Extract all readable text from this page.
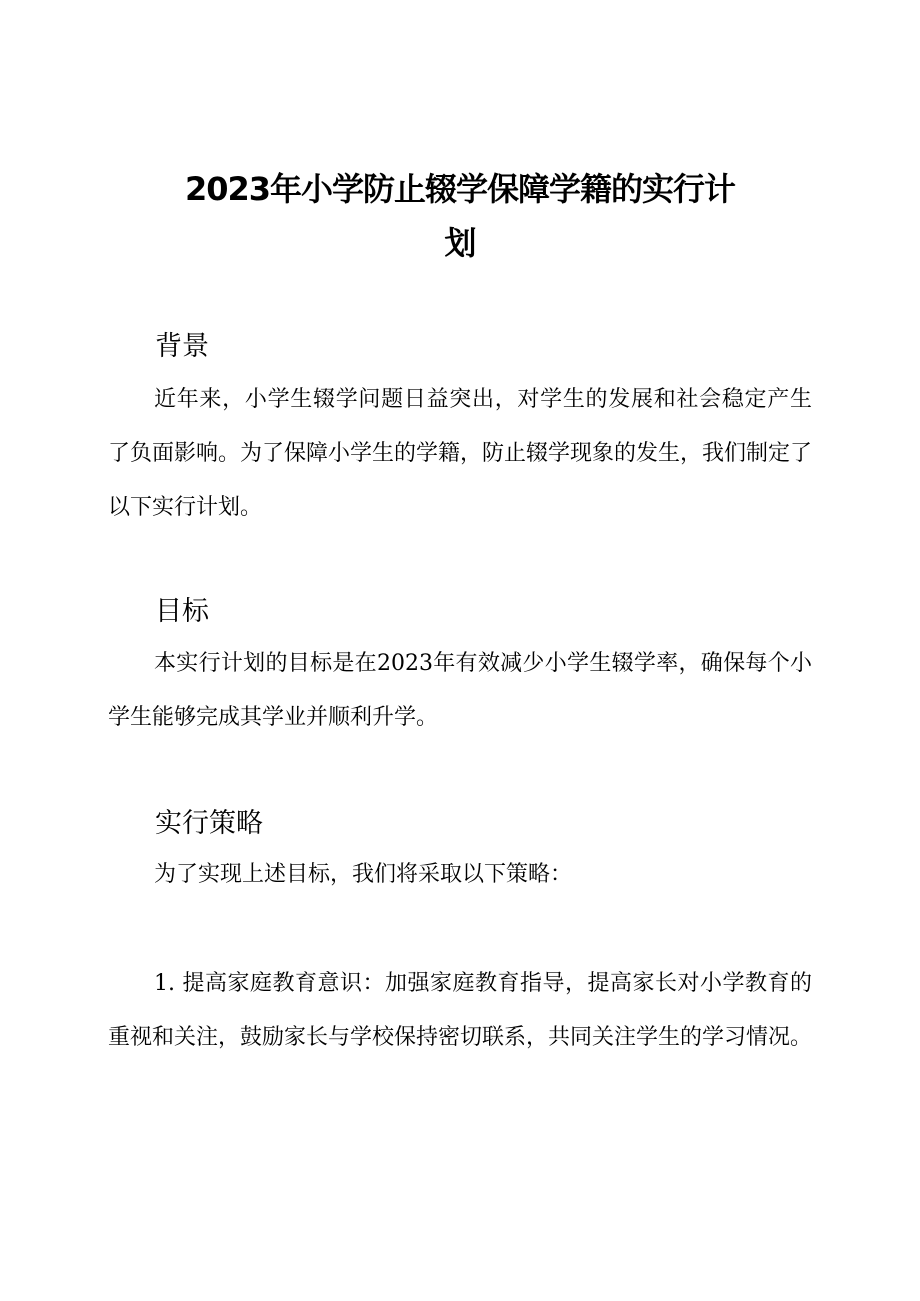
2023年小学防止辍学保障学籍的实行计
划
背景
近年来，小学生辍学问题日益突出，对学生的发展和社会稳定产生了负面影响。为了保障小学生的学籍，防止辍学现象的发生，我们制定了以下实行计划。
目标
本实行计划的目标是在2023年有效减少小学生辍学率，确保每个小学生能够完成其学业并顺利升学。
实行策略
为了实现上述目标，我们将采取以下策略：
1. 提高家庭教育意识：加强家庭教育指导，提高家长对小学教育的重视和关注，鼓励家长与学校保持密切联系，共同关注学生的学习情况。
